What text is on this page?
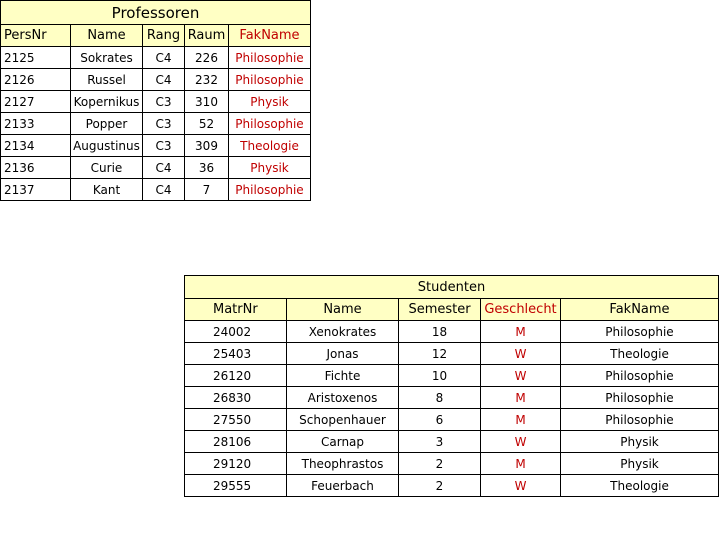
Professoren				
PersNr	Name	Rang	Raum	FakName
2125	Sokrates	C4	226	Philosophie
2126	Russel	C4	232	Philosophie
2127	Kopernikus	C3	310	Physik
2133	Popper	C3	52	Philosophie
2134	Augustinus	C3	309	Theologie
2136	Curie	C4	36	Physik
2137	Kant	C4	7	Philosophie
Studenten				
MatrNr	Name	Semester	Geschlecht	FakName
24002	Xenokrates	18	M	Philosophie
25403	Jonas	12	W	Theologie
26120	Fichte	10	W	Philosophie
26830	Aristoxenos	8	M	Philosophie
27550	Schopenhauer	6	M	Philosophie
28106	Carnap	3	W	Physik
29120	Theophrastos	2	M	Physik
29555	Feuerbach	2	W	Theologie
